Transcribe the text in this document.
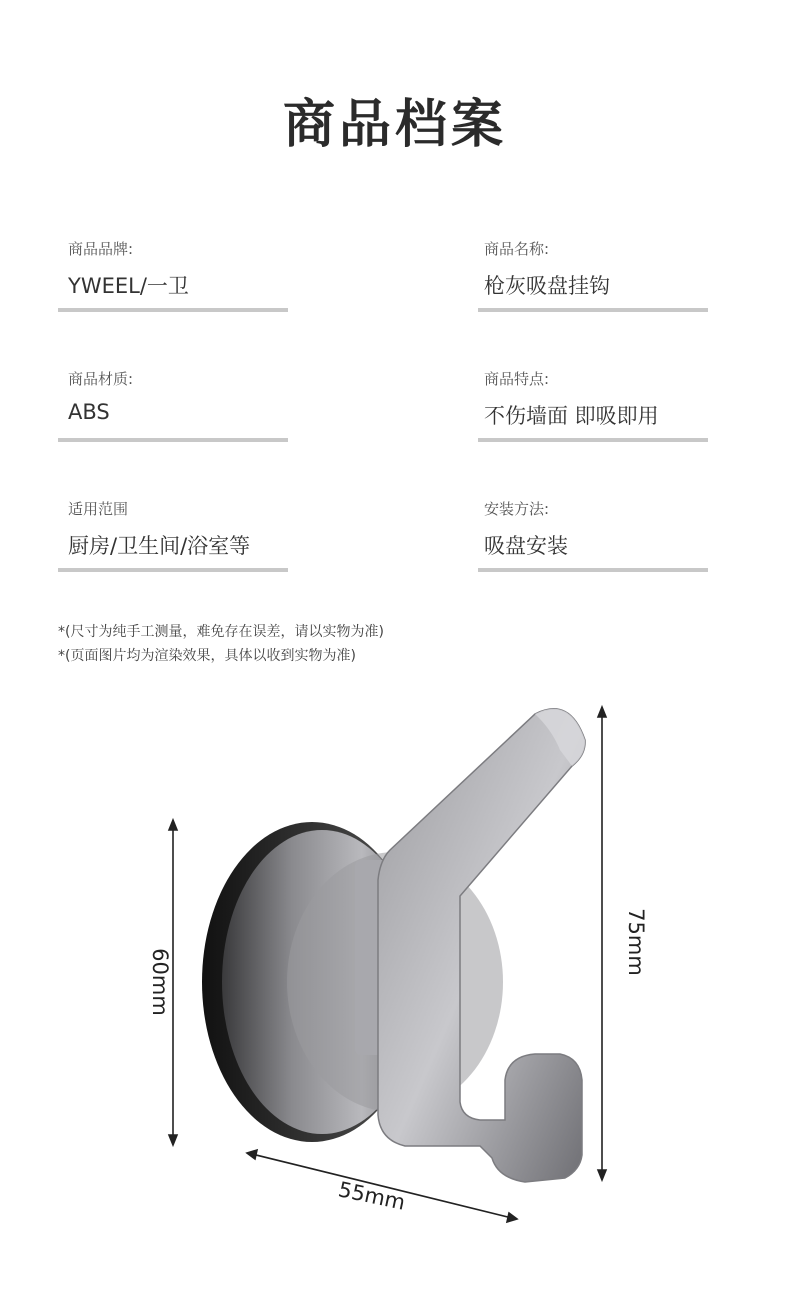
商品档案
商品品牌:
YWEEL/一卫
商品名称:
枪灰吸盘挂钩
商品材质:
ABS
商品特点:
不伤墙面 即吸即用
适用范围
厨房/卫生间/浴室等
安装方法:
吸盘安装
*(尺寸为纯手工测量，难免存在误差，请以实物为准)
*(页面图片均为渲染效果，具体以收到实物为准)
60mm
75mm
55mm
